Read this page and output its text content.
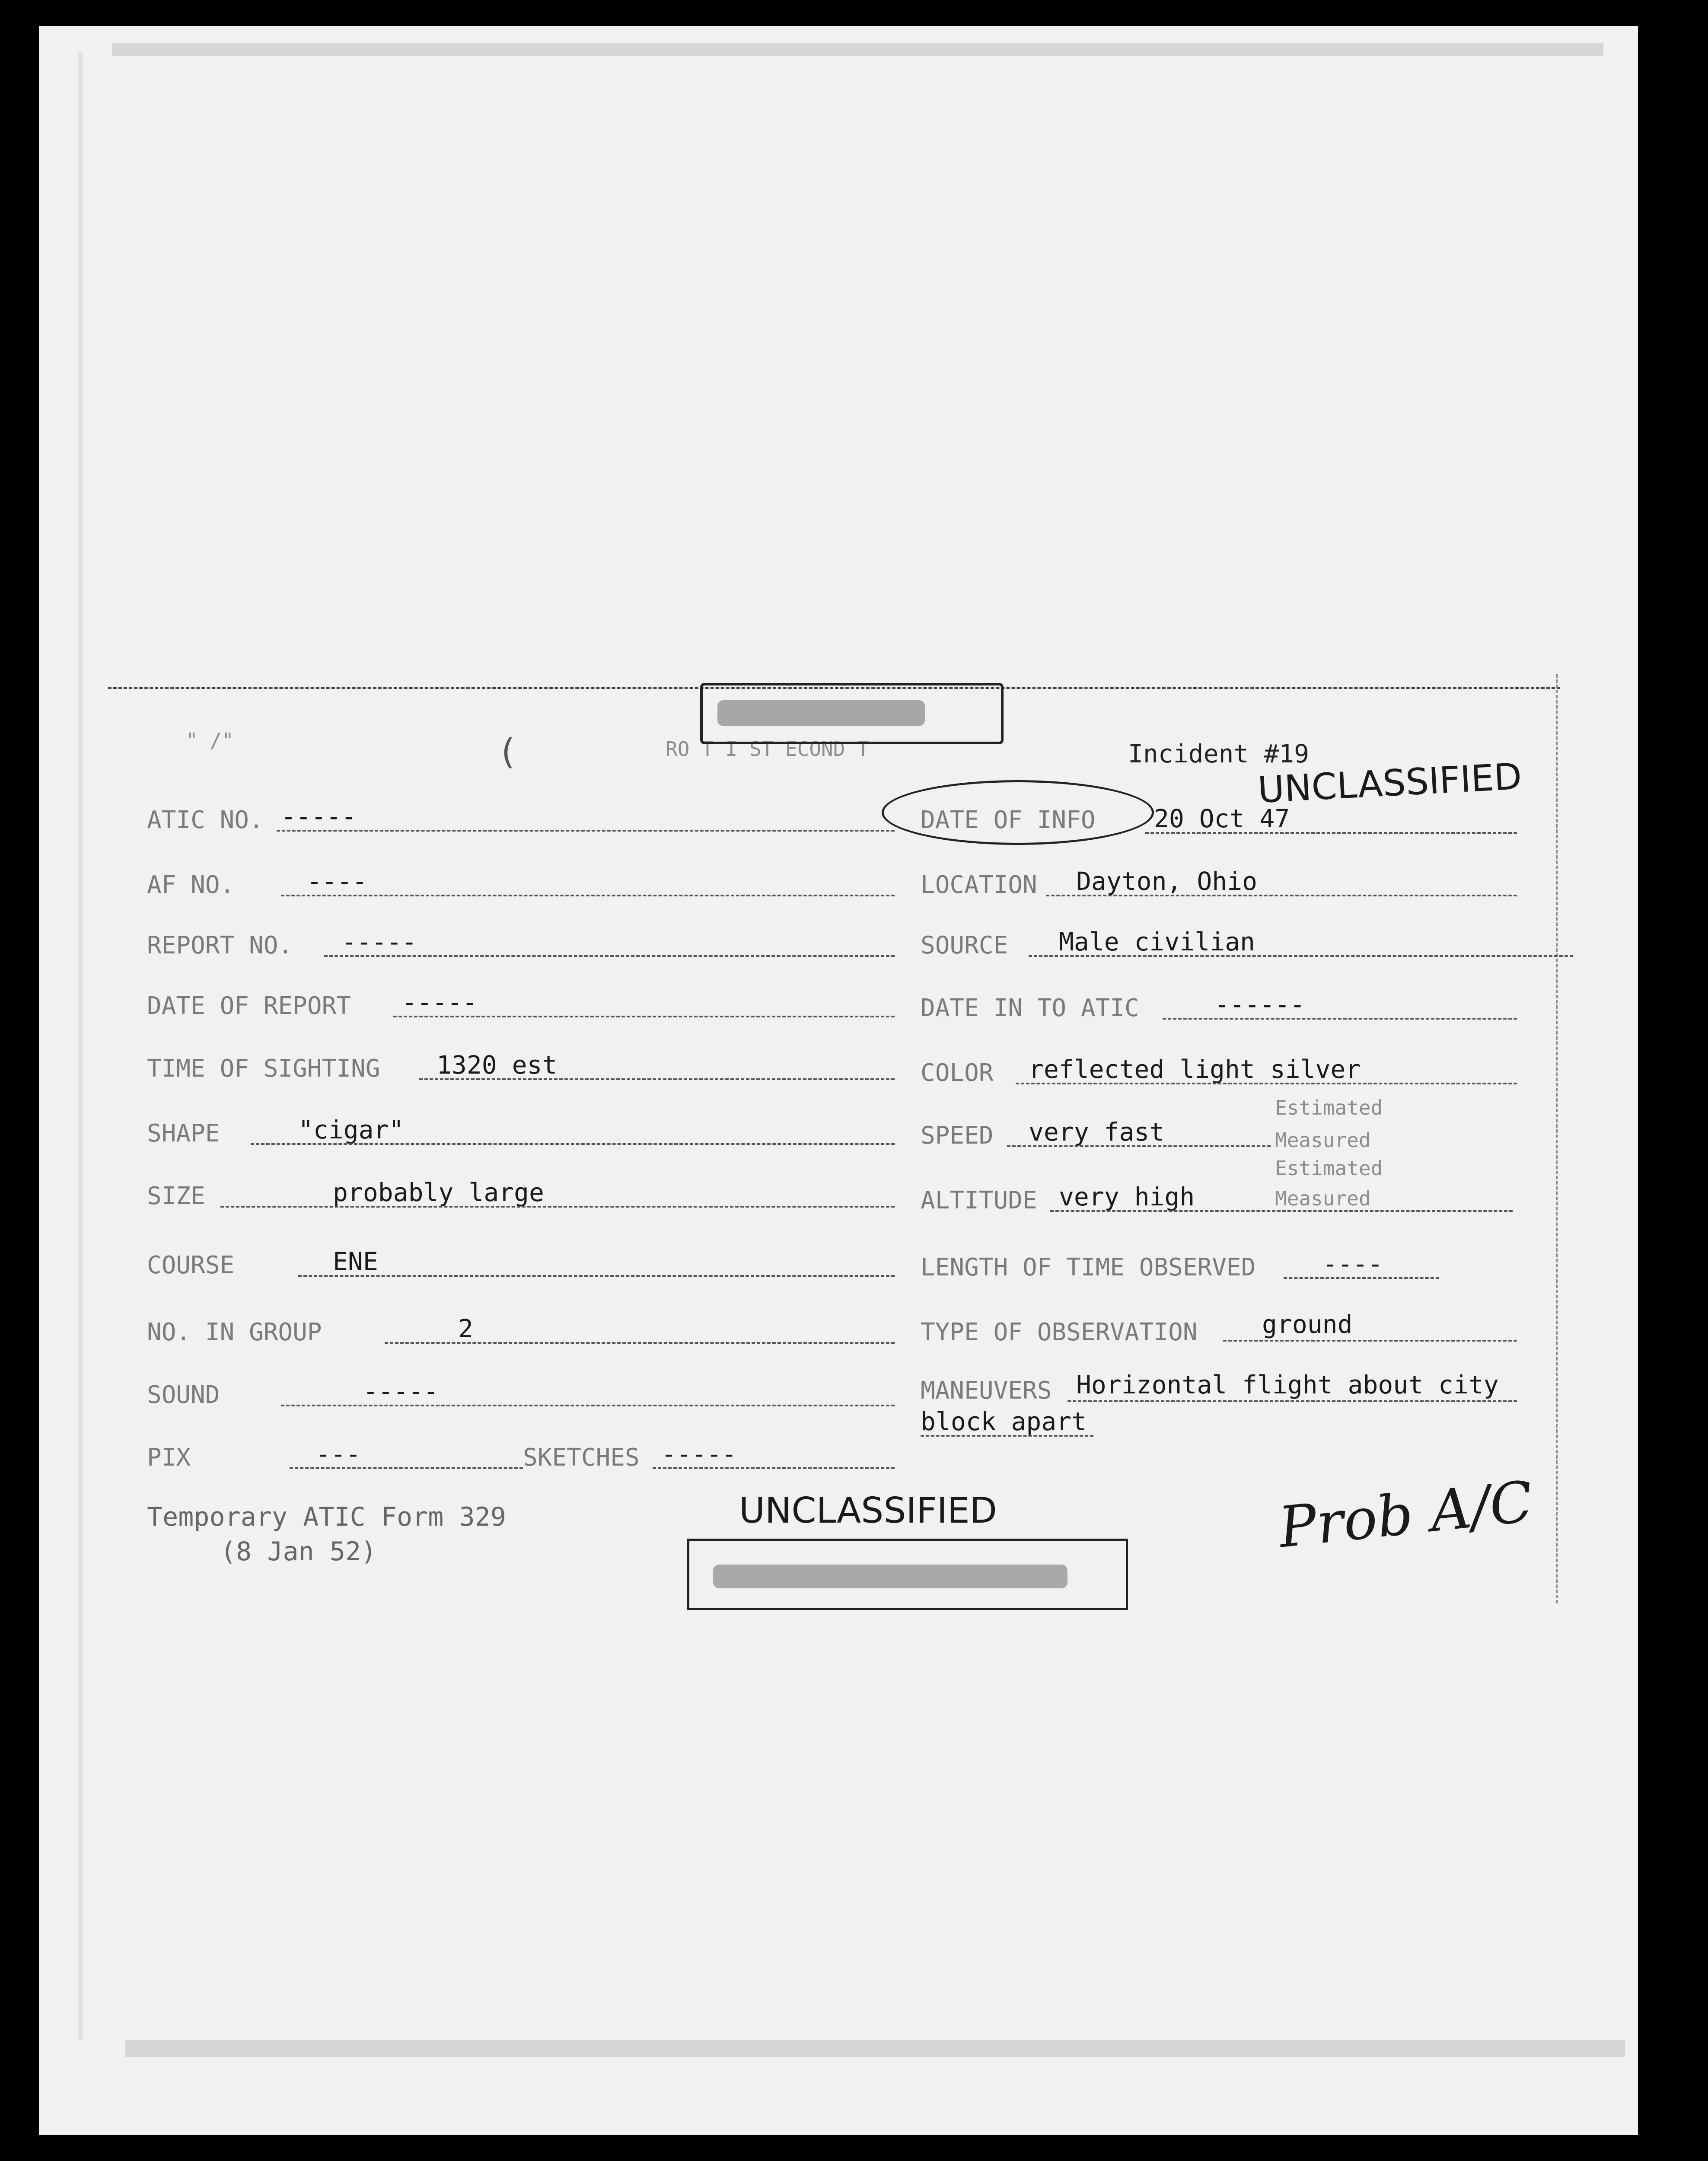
" /"	(	RO T I ST ECOND T	Incident #19
UNCLASSIFIED
ATIC NO. -----
AF NO.	----
REPORT NO. -----
DATE OF REPORT -----
TIME OF SIGHTING 1320 est
SHAPE	"cigar"
SIZE	probably large
COURSE	ENE
NO. IN GROUP	2
SOUND	-----
PIX	---	SKETCHES -----
DATE OF INFO 20 Oct 47
LOCATION Dayton, Ohio
SOURCE Male civilian
DATE IN TO ATIC	------
COLOR reflected light silver
SPEED very fast
ALTITUDE very high
Estimated
Measured
Estimated
Measured
LENGTH OF TIME OBSERVED	----
TYPE OF OBSERVATION	ground
MANEUVERS Horizontal flight about city
block apart
Temporary ATIC Form 329
(8 Jan 52)
UNCLASSIFIED	Prob A/C
